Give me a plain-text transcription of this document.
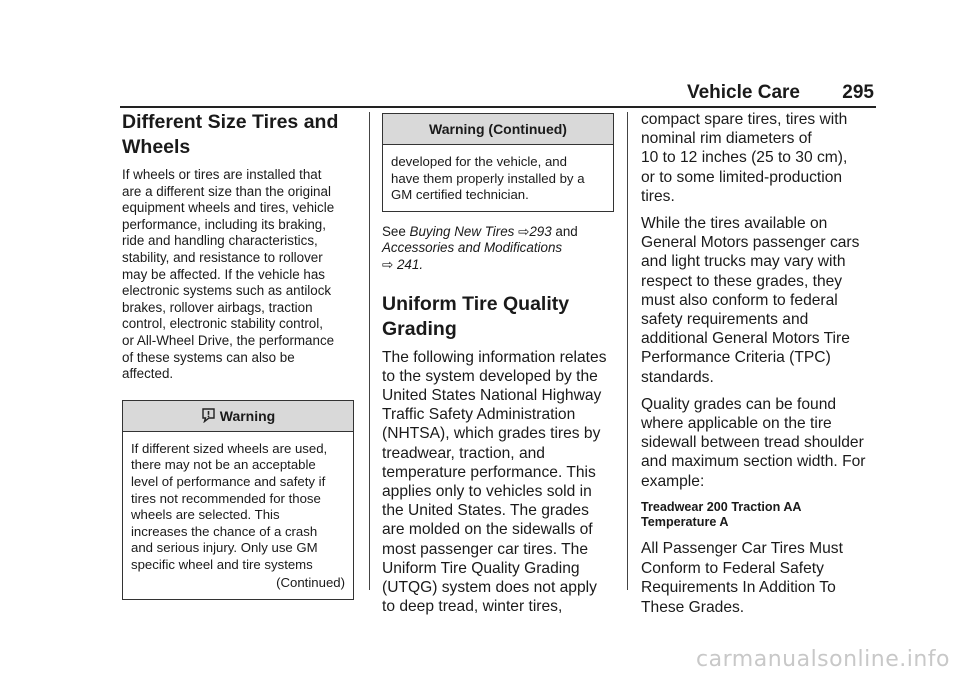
Vehicle Care 295
Different Size Tires and
Wheels

If wheels or tires are installed that
are a different size than the original
equipment wheels and tires, vehicle
performance, including its braking,
ride and handling characteristics,
stability, and resistance to rollover
may be affected. If the vehicle has
electronic systems such as antilock
brakes, rollover airbags, traction
control, electronic stability control,
or All-Wheel Drive, the performance
of these systems can also be
affected.

Warning
If different sized wheels are used,
there may not be an acceptable
level of performance and safety if
tires not recommended for those
wheels are selected. This
increases the chance of a crash
and serious injury. Only use GM
specific wheel and tire systems
(Continued)
Warning (Continued)
developed for the vehicle, and
have them properly installed by a
GM certified technician.

See Buying New Tires ⇨293 and
Accessories and Modifications
⇨ 241.

Uniform Tire Quality
Grading

The following information relates
to the system developed by the
United States National Highway
Traffic Safety Administration
(NHTSA), which grades tires by
treadwear, traction, and
temperature performance. This
applies only to vehicles sold in
the United States. The grades
are molded on the sidewalls of
most passenger car tires. The
Uniform Tire Quality Grading
(UTQG) system does not apply
to deep tread, winter tires,

compact spare tires, tires with
nominal rim diameters of
10 to 12 inches (25 to 30 cm),
or to some limited-production
tires.

While the tires available on
General Motors passenger cars
and light trucks may vary with
respect to these grades, they
must also conform to federal
safety requirements and
additional General Motors Tire
Performance Criteria (TPC)
standards.

Quality grades can be found
where applicable on the tire
sidewall between tread shoulder
and maximum section width. For
example:

Treadwear 200 Traction AA
Temperature A

All Passenger Car Tires Must
Conform to Federal Safety
Requirements In Addition To
These Grades.

carmanualsonline.info
